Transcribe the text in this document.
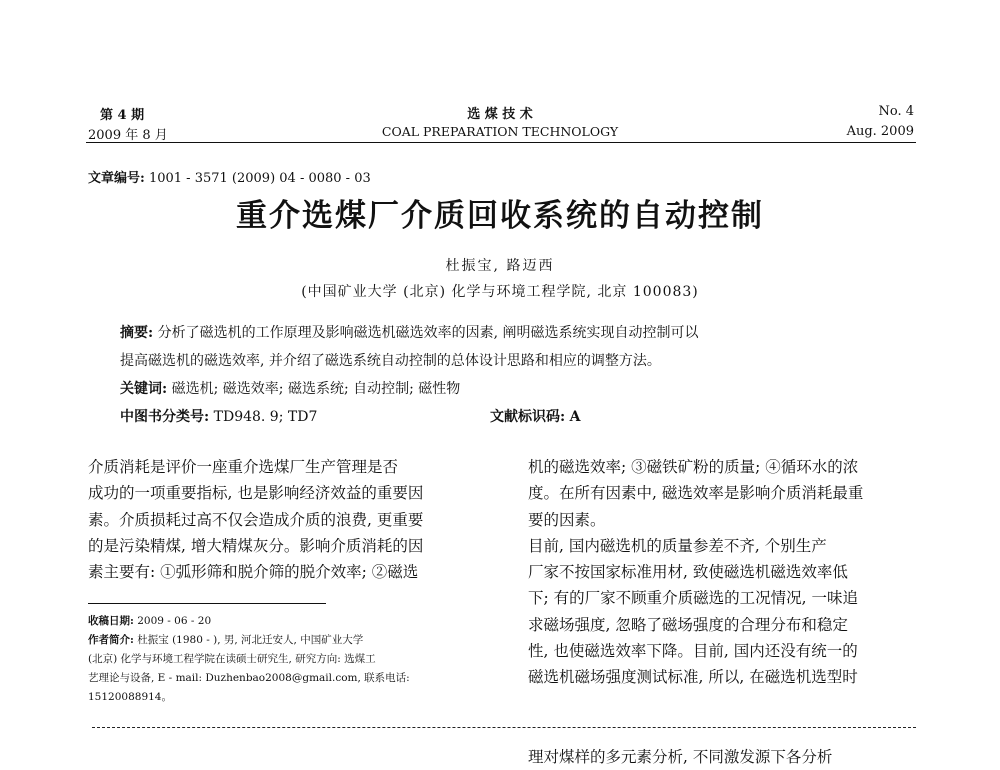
第 4 期
2009 年 8 月
选 煤 技 术
COAL PREPARATION TECHNOLOGY
No. 4
Aug. 2009
文章编号: 1001 - 3571 (2009) 04 - 0080 - 03
重介选煤厂介质回收系统的自动控制
杜振宝, 路迈西
(中国矿业大学 (北京) 化学与环境工程学院, 北京 100083)
摘要: 分析了磁选机的工作原理及影响磁选机磁选效率的因素, 阐明磁选系统实现自动控制可以
提高磁选机的磁选效率, 并介绍了磁选系统自动控制的总体设计思路和相应的调整方法。
关键词: 磁选机; 磁选效率; 磁选系统; 自动控制; 磁性物
中图书分类号: TD948. 9; TD7	文献标识码: A

介质消耗是评价一座重介选煤厂生产管理是否

成功的一项重要指标, 也是影响经济效益的重要因

素。介质损耗过高不仅会造成介质的浪费, 更重要

的是污染精煤, 增大精煤灰分。影响介质消耗的因

素主要有: ①弧形筛和脱介筛的脱介效率; ②磁选

收稿日期: 2009 - 06 - 20
作者简介: 杜振宝 (1980 - ), 男, 河北迁安人, 中国矿业大学
(北京) 化学与环境工程学院在读硕士研究生, 研究方向: 选煤工
艺理论与设备, E - mail: Duzhenbao2008@gmail.com, 联系电话:
15120088914。

机的磁选效率; ③磁铁矿粉的质量; ④循环水的浓

度。在所有因素中, 磁选效率是影响介质消耗最重

要的因素。

目前, 国内磁选机的质量参差不齐, 个别生产

厂家不按国家标准用材, 致使磁选机磁选效率低

下; 有的厂家不顾重介质磁选的工况情况, 一味追

求磁场强度, 忽略了磁场强度的合理分布和稳定

性, 也使磁选效率下降。目前, 国内还没有统一的

磁选机磁场强度测试标准, 所以, 在磁选机选型时

理对煤样的多元素分析, 不同激发源下各分析
